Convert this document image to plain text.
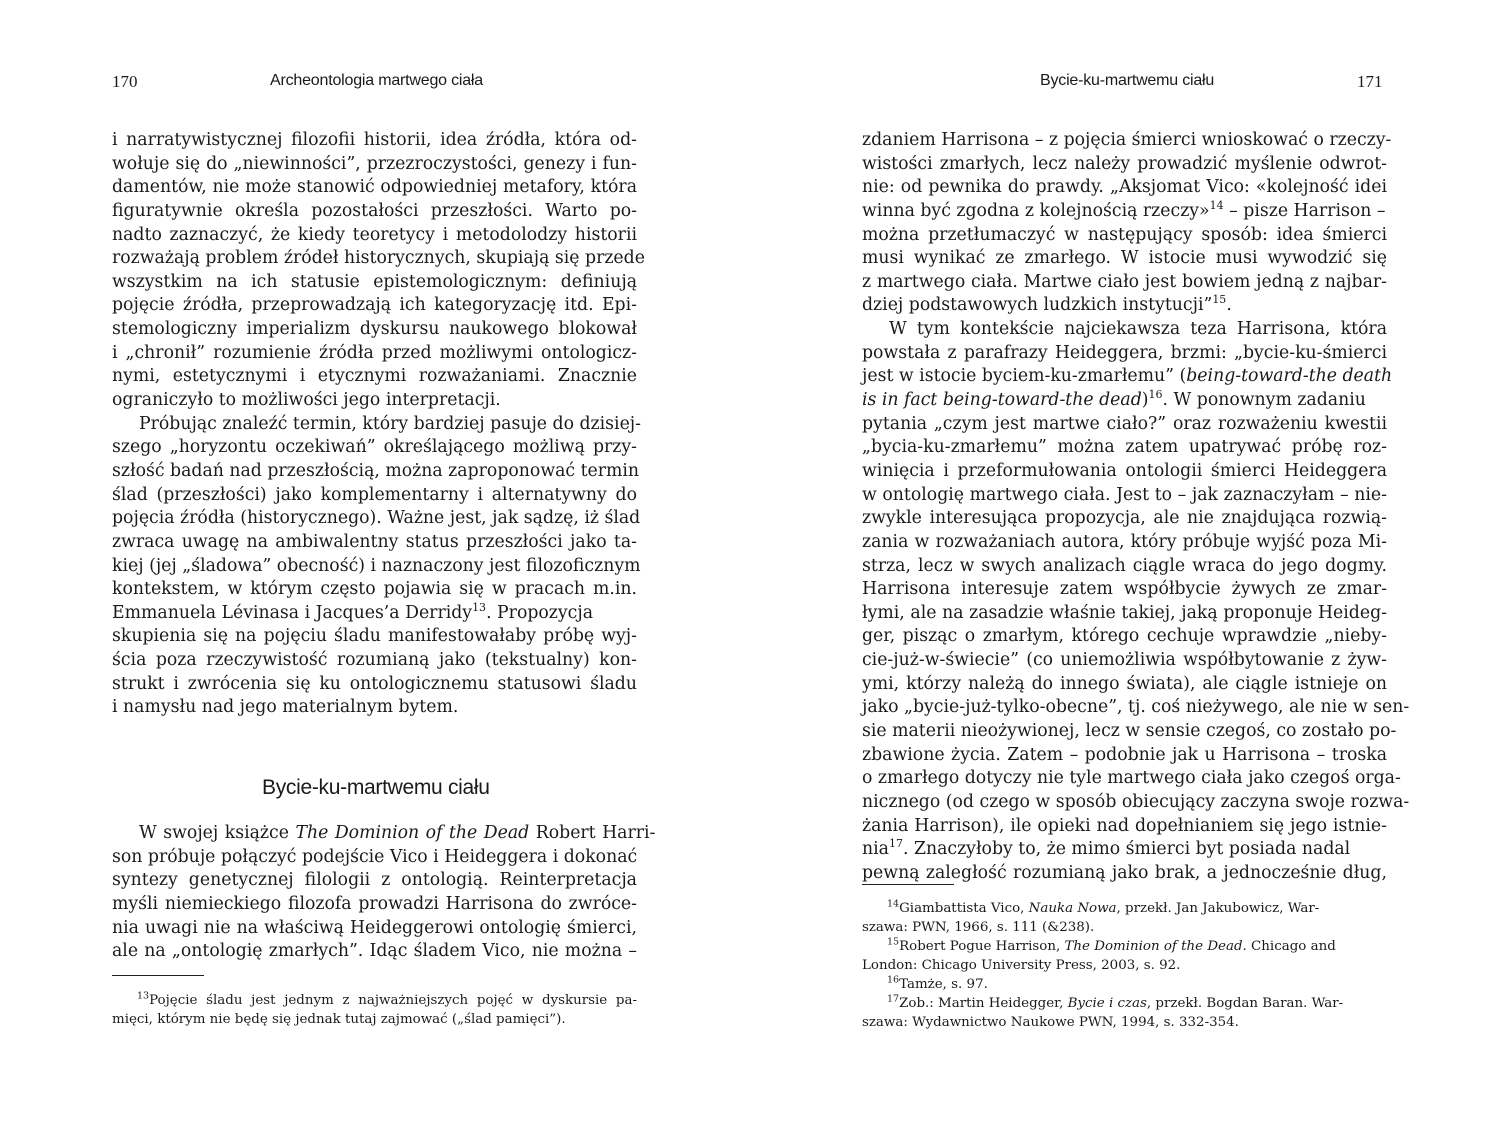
170	Archeontologia martwego ciała
i narratywistycznej filozofii historii, idea źródła, która od-
wołuje się do „niewinności”, przezroczystości, genezy i fun-
damentów, nie może stanowić odpowiedniej metafory, która
figuratywnie określa pozostałości przeszłości. Warto po-
nadto zaznaczyć, że kiedy teoretycy i metodolodzy historii
rozważają problem źródeł historycznych, skupiają się przede
wszystkim na ich statusie epistemologicznym: definiują
pojęcie źródła, przeprowadzają ich kategoryzację itd. Epi-
stemologiczny imperializm dyskursu naukowego blokował
i „chronił” rozumienie źródła przed możliwymi ontologicz-
nymi, estetycznymi i etycznymi rozważaniami. Znacznie
ograniczyło to możliwości jego interpretacji.
Próbując znaleźć termin, który bardziej pasuje do dzisiej-
szego „horyzontu oczekiwań” określającego możliwą przy-
szłość badań nad przeszłością, można zaproponować termin
ślad (przeszłości) jako komplementarny i alternatywny do
pojęcia źródła (historycznego). Ważne jest, jak sądzę, iż ślad
zwraca uwagę na ambiwalentny status przeszłości jako ta-
kiej (jej „śladowa” obecność) i naznaczony jest filozoficznym
kontekstem, w którym często pojawia się w pracach m.in.
Emmanuela Lévinasa i Jacques’a Derridy$^{13}$. Propozycja
skupienia się na pojęciu śladu manifestowałaby próbę wyj-
ścia poza rzeczywistość rozumianą jako (tekstualny) kon-
strukt i zwrócenia się ku ontologicznemu statusowi śladu
i namysłu nad jego materialnym bytem.
Bycie-ku-martwemu ciału
W swojej książce The Dominion of the Dead Robert Harri-
son próbuje połączyć podejście Vico i Heideggera i dokonać
syntezy genetycznej filologii z ontologią. Reinterpretacja
myśli niemieckiego filozofa prowadzi Harrisona do zwróce-
nia uwagi nie na właściwą Heideggerowi ontologię śmierci,
ale na „ontologię zmarłych”. Idąc śladem Vico, nie można –
$^{13}$Pojęcie śladu jest jednym z najważniejszych pojęć w dyskursie pa-
mięci, którym nie będę się jednak tutaj zajmować („ślad pamięci”).
Bycie-ku-martwemu ciału	171
zdaniem Harrisona – z pojęcia śmierci wnioskować o rzeczy-
wistości zmarłych, lecz należy prowadzić myślenie odwrot-
nie: od pewnika do prawdy. „Aksjomat Vico: «kolejność idei
winna być zgodna z kolejnością rzeczy»$^{14}$ – pisze Harrison –
można przetłumaczyć w następujący sposób: idea śmierci
musi wynikać ze zmarłego. W istocie musi wywodzić się
z martwego ciała. Martwe ciało jest bowiem jedną z najbar-
dziej podstawowych ludzkich instytucji”$^{15}$.
W tym kontekście najciekawsza teza Harrisona, która
powstała z parafrazy Heideggera, brzmi: „bycie-ku-śmierci
jest w istocie byciem-ku-zmarłemu” (being-toward-the death
is in fact being-toward-the dead)$^{16}$. W ponownym zadaniu
pytania „czym jest martwe ciało?” oraz rozważeniu kwestii
„bycia-ku-zmarłemu” można zatem upatrywać próbę roz-
winięcia i przeformułowania ontologii śmierci Heideggera
w ontologię martwego ciała. Jest to – jak zaznaczyłam – nie-
zwykle interesująca propozycja, ale nie znajdująca rozwią-
zania w rozważaniach autora, który próbuje wyjść poza Mi-
strza, lecz w swych analizach ciągle wraca do jego dogmy.
Harrisona interesuje zatem współbycie żywych ze zmar-
łymi, ale na zasadzie właśnie takiej, jaką proponuje Heideg-
ger, pisząc o zmarłym, którego cechuje wprawdzie „nieby-
cie-już-w-świecie” (co uniemożliwia współbytowanie z żyw-
ymi, którzy należą do innego świata), ale ciągle istnieje on
jako „bycie-już-tylko-obecne”, tj. coś nieżywego, ale nie w sen-
sie materii nieożywionej, lecz w sensie czegoś, co zostało po-
zbawione życia. Zatem – podobnie jak u Harrisona – troska
o zmarłego dotyczy nie tyle martwego ciała jako czegoś orga-
nicznego (od czego w sposób obiecujący zaczyna swoje rozwa-
żania Harrison), ile opieki nad dopełnianiem się jego istnie-
nia$^{17}$. Znaczyłoby to, że mimo śmierci byt posiada nadal
pewną zaległość rozumianą jako brak, a jednocześnie dług,
$^{14}$Giambattista Vico, Nauka Nowa, przekł. Jan Jakubowicz, War-
szawa: PWN, 1966, s. 111 (&238).
$^{15}$Robert Pogue Harrison, The Dominion of the Dead. Chicago and
London: Chicago University Press, 2003, s. 92.
$^{16}$Tamże, s. 97.
$^{17}$Zob.: Martin Heidegger, Bycie i czas, przekł. Bogdan Baran. War-
szawa: Wydawnictwo Naukowe PWN, 1994, s. 332-354.
